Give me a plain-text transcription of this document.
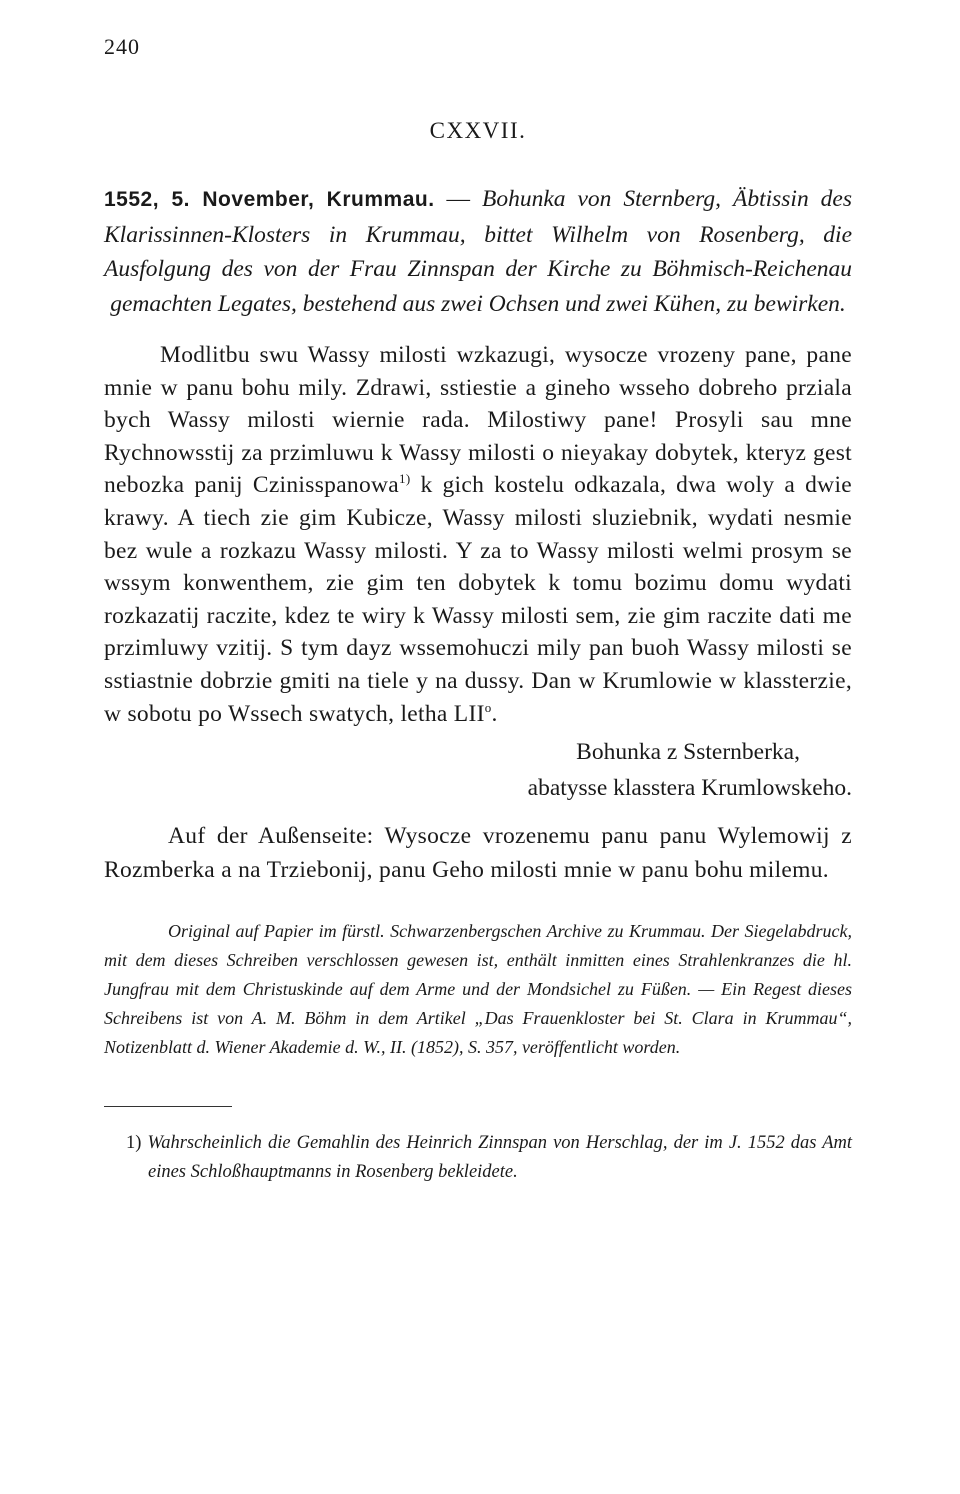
240
CXXVII.
1552, 5. November, Krummau. — Bohunka von Sternberg, Äbtissin des Klarissinnen-Klosters in Krummau, bittet Wilhelm von Rosenberg, die Ausfolgung des von der Frau Zinnspan der Kirche zu Böhmisch-Reichenau gemachten Legates, bestehend aus zwei Ochsen und zwei Kühen, zu bewirken.
Modlitbu swu Wassy milosti wzkazugi, wysocze vrozeny pane, pane mnie w panu bohu mily. Zdrawi, sstiestie a gineho wsseho dobreho prziala bych Wassy milosti wiernie rada. Milostiwy pane! Prosyli sau mne Rychnowsstij za przimluwu k Wassy milosti o nieyakay dobytek, kteryz gest nebozka panij Czinisspanowa$^{1)}$ k gich kostelu odkazala, dwa woly a dwie krawy. A tiech zie gim Kubicze, Wassy milosti sluziebnik, wydati nesmie bez wule a rozkazu Wassy milosti. Y za to Wassy milosti welmi prosym se wssym konwenthem, zie gim ten dobytek k tomu bozimu domu wydati rozkazatij raczite, kdez te wiry k Wassy milosti sem, zie gim raczite dati me przimluwy vzitij. S tym dayz wssemohuczi mily pan buoh Wassy milosti se sstiastnie dobrzie gmiti na tiele y na dussy. Dan w Krumlowie w klassterzie, w sobotu po Wssech swatych, letha LII$^o$.
Bohunka z Ssternberka,
abatysse klasstera Krumlowskeho.
Auf der Außenseite: Wysocze vrozenemu panu panu Wylemowij z Rozmberka a na Trziebonij, panu Geho milosti mnie w panu bohu milemu.
Original auf Papier im fürstl. Schwarzenbergschen Archive zu Krummau. Der Siegelabdruck, mit dem dieses Schreiben verschlossen gewesen ist, enthält inmitten eines Strahlenkranzes die hl. Jungfrau mit dem Christuskinde auf dem Arme und der Mondsichel zu Füßen. — Ein Regest dieses Schreibens ist von A. M. Böhm in dem Artikel „Das Frauenkloster bei St. Clara in Krummau“, Notizenblatt d. Wiener Akademie d. W., II. (1852), S. 357, veröffentlicht worden.
1) Wahrscheinlich die Gemahlin des Heinrich Zinnspan von Herschlag, der im J. 1552 das Amt eines Schloßhauptmanns in Rosenberg bekleidete.
